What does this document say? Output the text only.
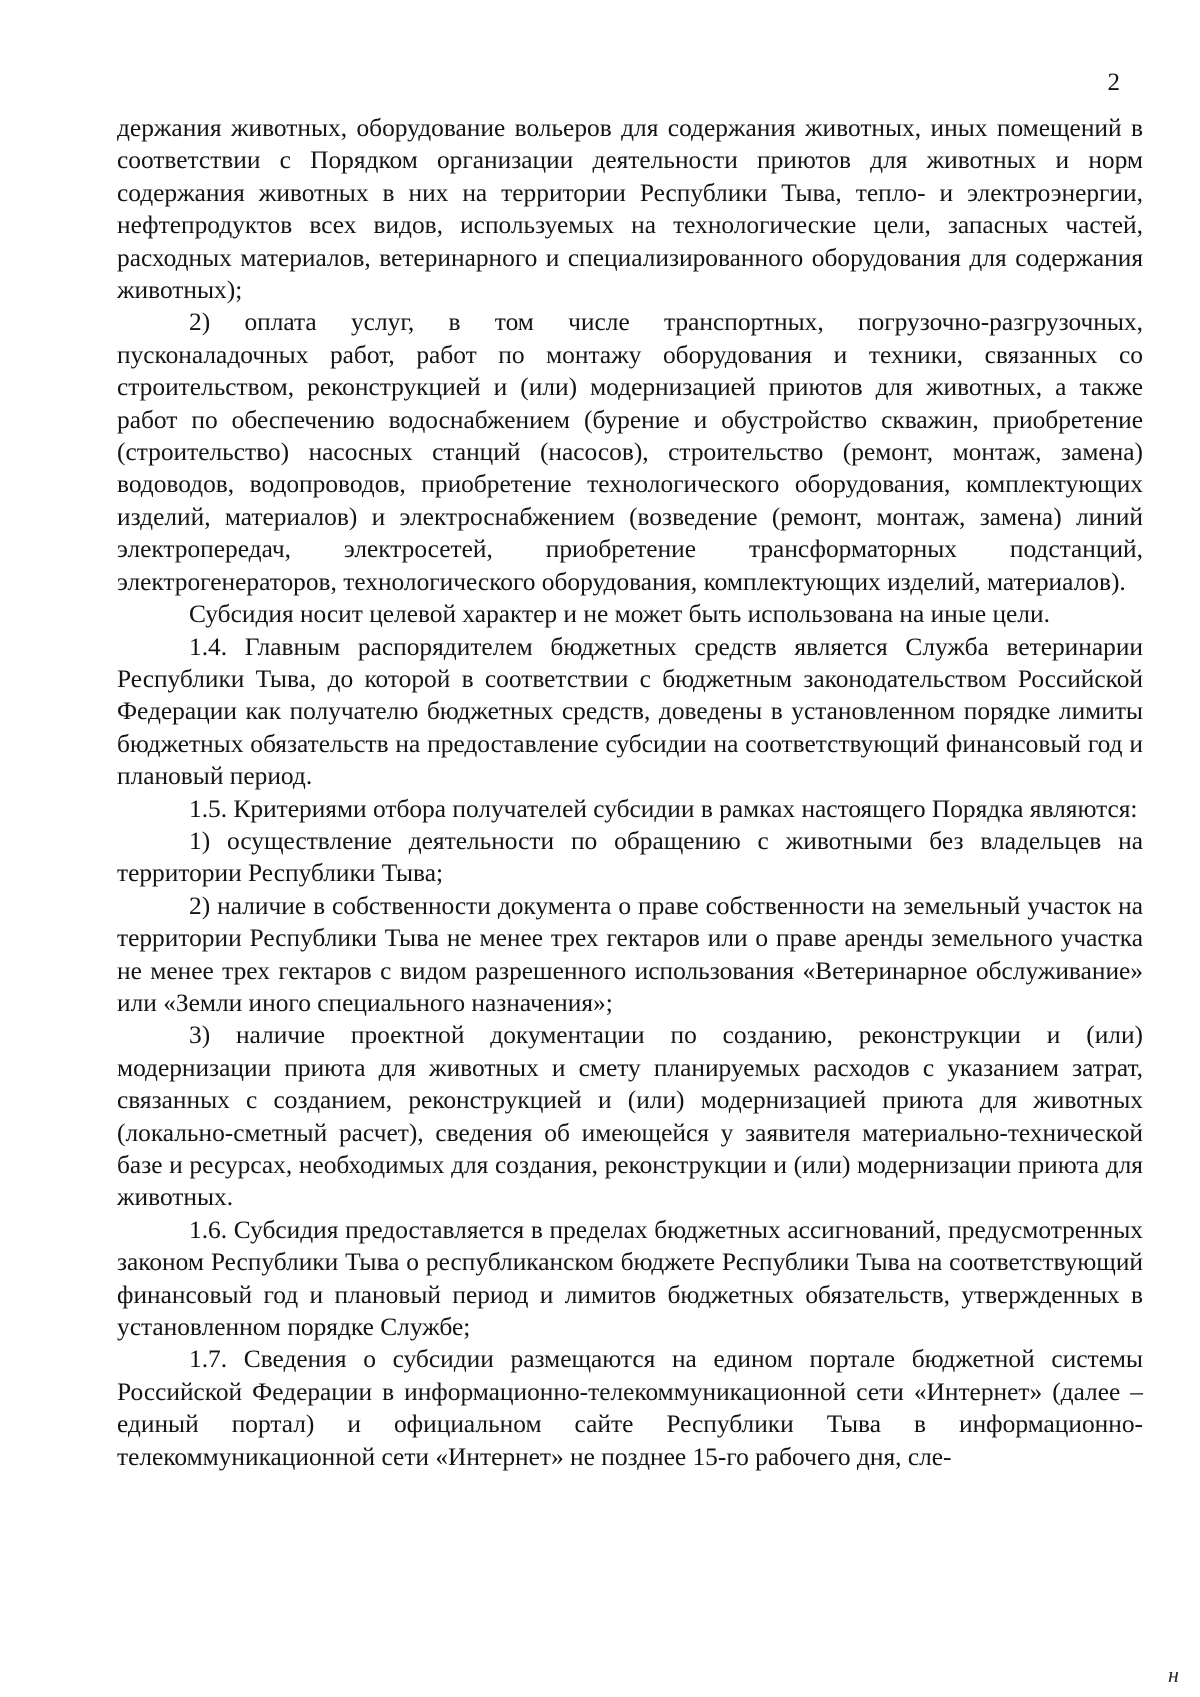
2

держания животных, оборудование вольеров для содержания животных, иных помещений в соответствии с Порядком организации деятельности приютов для животных и норм содержания животных в них на территории Республики Тыва, тепло- и электроэнергии, нефтепродуктов всех видов, используемых на технологические цели, запасных частей, расходных материалов, ветеринарного и специализированного оборудования для содержания животных);

2) оплата услуг, в том числе транспортных, погрузочно-разгрузочных, пусконаладочных работ, работ по монтажу оборудования и техники, связанных со строительством, реконструкцией и (или) модернизацией приютов для животных, а также работ по обеспечению водоснабжением (бурение и обустройство скважин, приобретение (строительство) насосных станций (насосов), строительство (ремонт, монтаж, замена) водоводов, водопроводов, приобретение технологического оборудования, комплектующих изделий, материалов) и электроснабжением (возведение (ремонт, монтаж, замена) линий электропередач, электросетей, приобретение трансформаторных подстанций, электрогенераторов, технологического оборудования, комплектующих изделий, материалов).

Субсидия носит целевой характер и не может быть использована на иные цели.

1.4. Главным распорядителем бюджетных средств является Служба ветеринарии Республики Тыва, до которой в соответствии с бюджетным законодательством Российской Федерации как получателю бюджетных средств, доведены в установленном порядке лимиты бюджетных обязательств на предоставление субсидии на соответствующий финансовый год и плановый период.

1.5. Критериями отбора получателей субсидии в рамках настоящего Порядка являются:

1) осуществление деятельности по обращению с животными без владельцев на территории Республики Тыва;

2) наличие в собственности документа о праве собственности на земельный участок на территории Республики Тыва не менее трех гектаров или о праве аренды земельного участка не менее трех гектаров с видом разрешенного использования «Ветеринарное обслуживание» или «Земли иного специального назначения»;

3) наличие проектной документации по созданию, реконструкции и (или) модернизации приюта для животных и смету планируемых расходов с указанием затрат, связанных с созданием, реконструкцией и (или) модернизацией приюта для животных (локально-сметный расчет), сведения об имеющейся у заявителя материально-технической базе и ресурсах, необходимых для создания, реконструкции и (или) модернизации приюта для животных.

1.6. Субсидия предоставляется в пределах бюджетных ассигнований, предусмотренных законом Республики Тыва о республиканском бюджете Республики Тыва на соответствующий финансовый год и плановый период и лимитов бюджетных обязательств, утвержденных в установленном порядке Службе;

1.7. Сведения о субсидии размещаются на едином портале бюджетной системы Российской Федерации в информационно-телекоммуникационной сети «Интернет» (далее – единый портал) и официальном сайте Республики Тыва в информационно-телекоммуникационной сети «Интернет» не позднее 15-го рабочего дня, сле-

н
